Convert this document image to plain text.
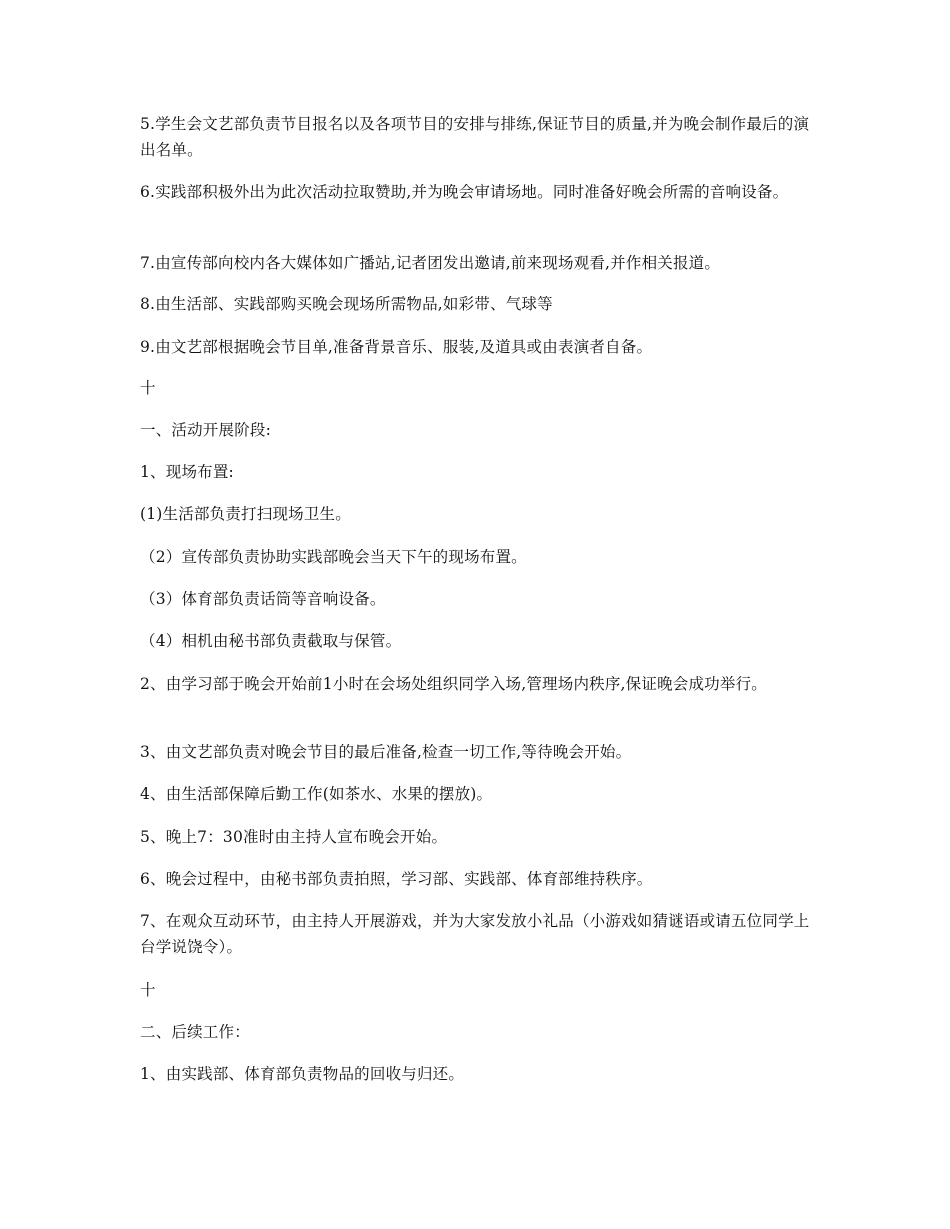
5.学生会文艺部负责节目报名以及各项节目的安排与排练,保证节目的质量,并为晚会制作最后的演出名单。

6.实践部积极外出为此次活动拉取赞助,并为晚会审请场地。同时准备好晚会所需的音响设备。

7.由宣传部向校内各大媒体如广播站,记者团发出邀请,前来现场观看,并作相关报道。

8.由生活部、实践部购买晚会现场所需物品,如彩带、气球等

9.由文艺部根据晚会节目单,准备背景音乐、服装,及道具或由表演者自备。

十

一、活动开展阶段:

1、现场布置:

(1)生活部负责打扫现场卫生。

（2）宣传部负责协助实践部晚会当天下午的现场布置。

（3）体育部负责话筒等音响设备。

（4）相机由秘书部负责截取与保管。

2、由学习部于晚会开始前1小时在会场处组织同学入场,管理场内秩序,保证晚会成功举行。

3、由文艺部负责对晚会节目的最后准备,检查一切工作,等待晚会开始。

4、由生活部保障后勤工作(如茶水、水果的摆放)。

5、晚上7：30准时由主持人宣布晚会开始。

6、晚会过程中，由秘书部负责拍照，学习部、实践部、体育部维持秩序。

7、在观众互动环节，由主持人开展游戏，并为大家发放小礼品（小游戏如猜谜语或请五位同学上台学说饶令）。

十

二、后续工作：

1、由实践部、体育部负责物品的回收与归还。
